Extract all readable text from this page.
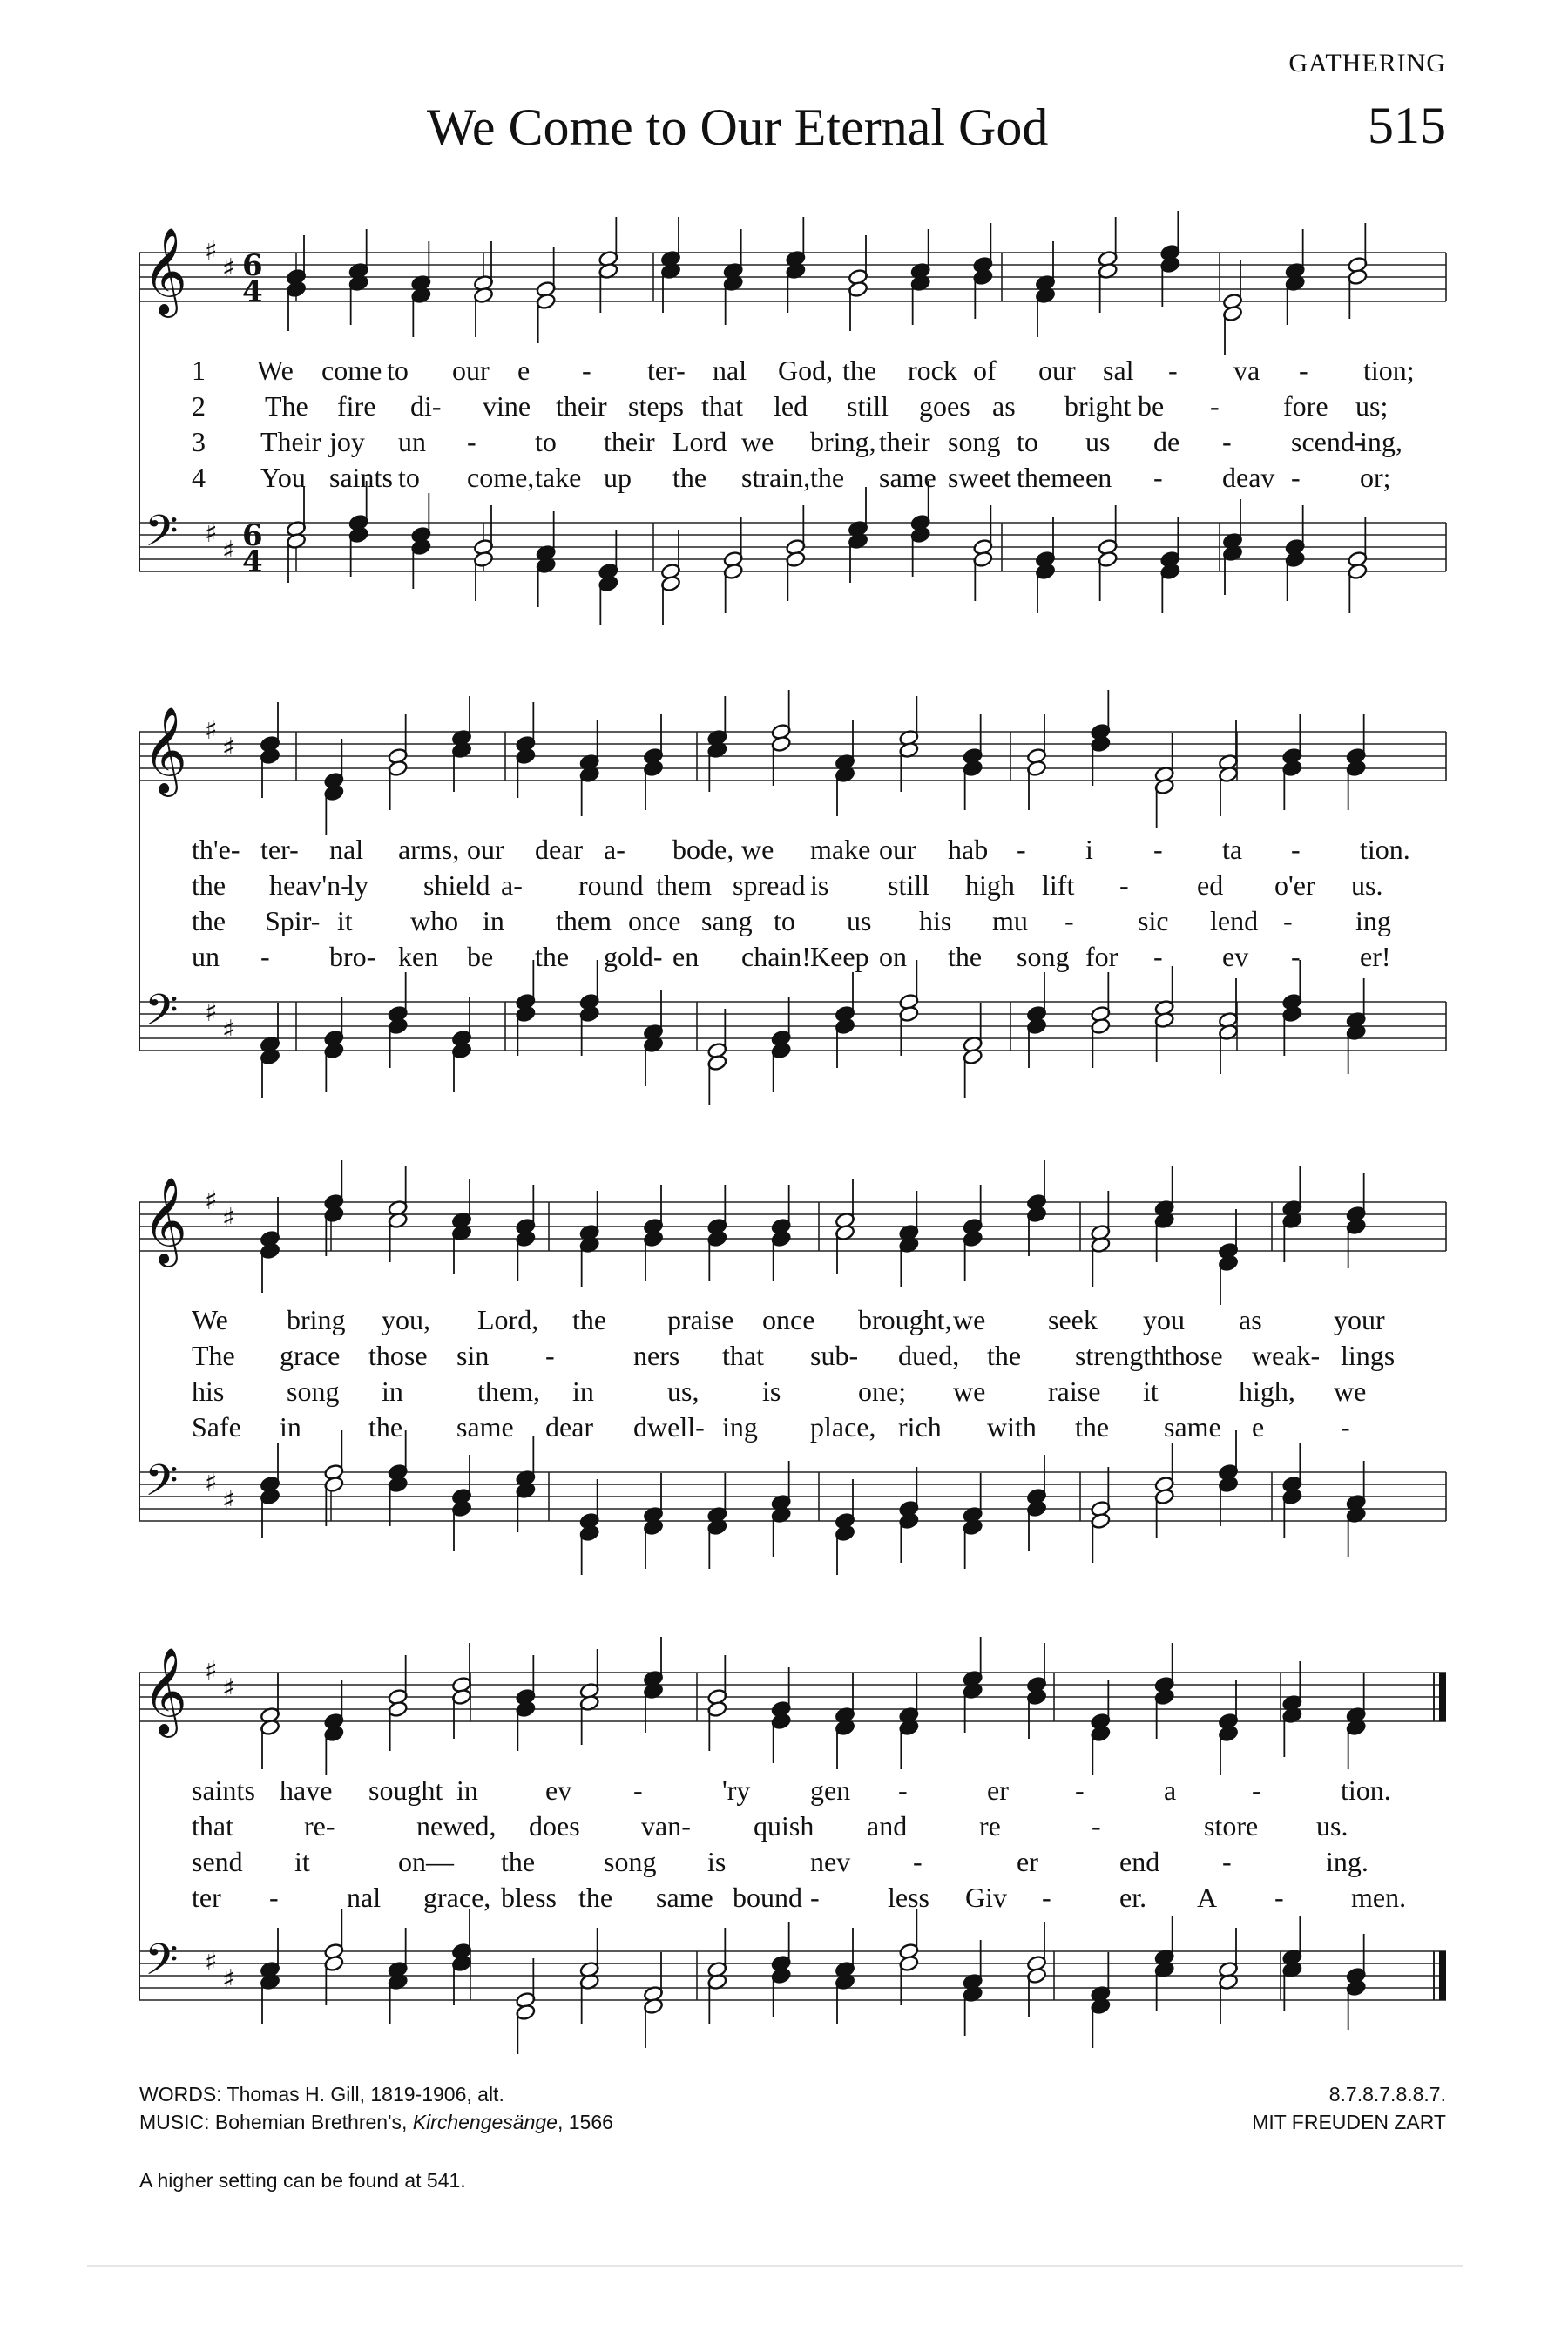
GATHERING
We Come to Our Eternal God	515
𝄞 ♯
♯ 6
4
𝄢 ♯
♯ 6
4
1 We come to our e - ter- nal God, the rock of our sal - va - tion;
2 The fire di- vine their steps that led still goes as bright be - fore us;
3 Their joy un - to their Lord we bring, their song to us de - scend-
ing,
4 You saints to come, take up the strain, the same sweet theme en - deav - or;
𝄞 ♯
♯
𝄢 ♯
♯
th'e- ter- nal arms, our dear a- bode, we make our hab - i - ta - tion.
the heav'n-
ly shield a- round them spread is still high lift - ed o'er us.
the Spir- it who in them once sang to us his mu - sic lend - ing
un - bro- ken be the gold- en chain! Keep on the song for - ev - er!
𝄞 ♯
♯
𝄢 ♯
♯
We bring you, Lord, the praise once brought, we seek you as	your
The grace those sin -	ners that sub- dued, the strength
those weak- lings
his song in	them, in	us, is	one; we raise it	high, we
Safe in the same dear dwell- ing place, rich with the same e	-
𝄞 ♯
♯
𝄢 ♯
♯
saints have sought in ev -	'ry gen -	er -	a	-	tion.
that	re-	newed, does van- quish and	re	-	store us.
send it	on— the song is	nev -	er	end -	ing.
ter - nal grace, bless the same bound - less Giv - er. A - men.
WORDS: Thomas H. Gill, 1819-1906, alt.
MUSIC: Bohemian Brethren's, Kirchengesänge, 1566
8.7.8.7.8.8.7.
MIT FREUDEN ZART
A higher setting can be found at 541.
